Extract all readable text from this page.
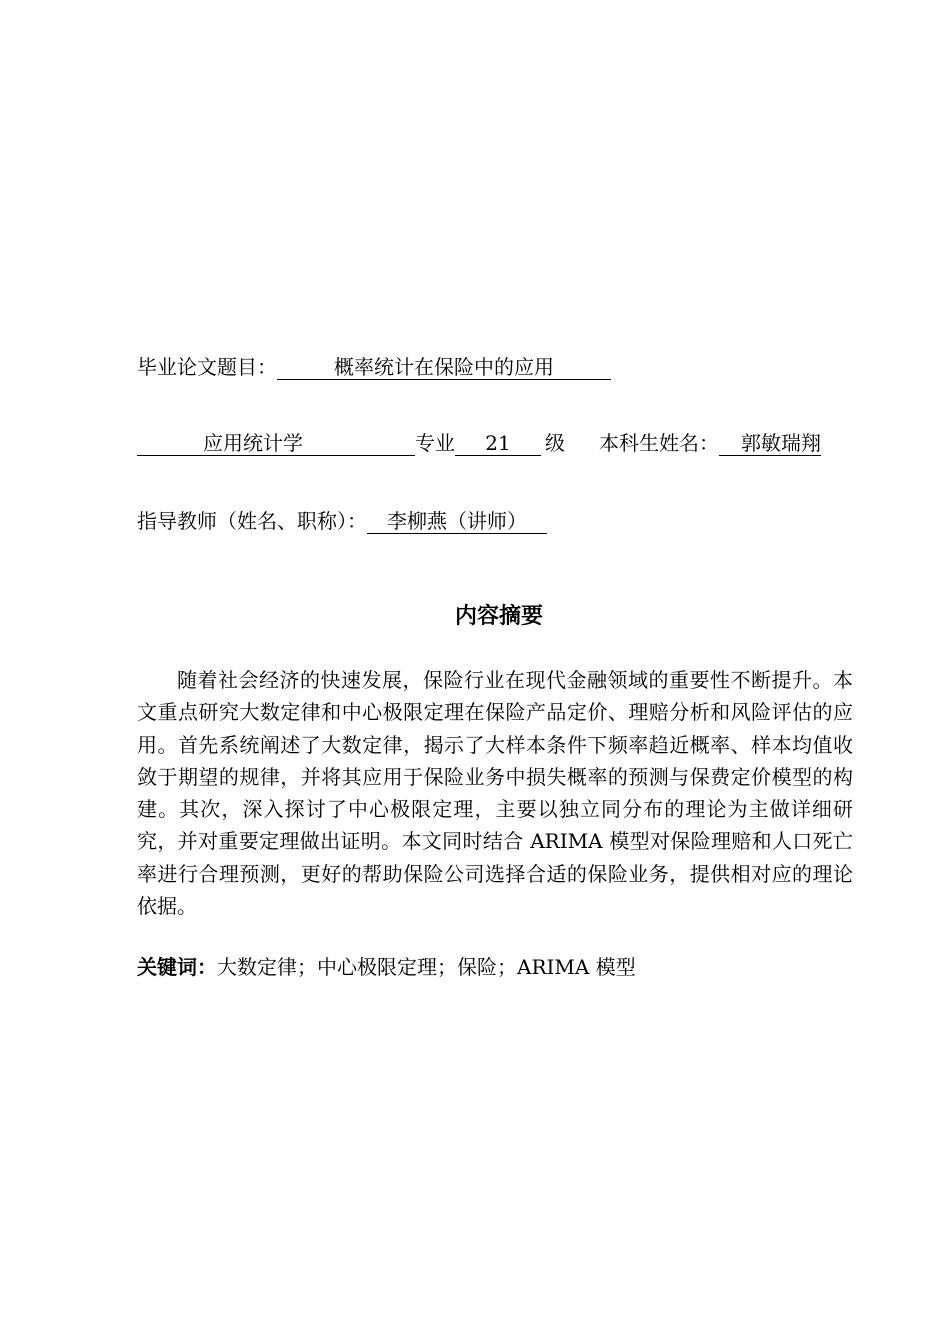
毕业论文题目：	概率统计在保险中的应用
应用统计学	专业 21 级 本科生姓名： 郭敏瑞翔
指导教师（姓名、职称）： 李柳燕（讲师）
内容摘要
随着社会经济的快速发展，保险行业在现代金融领域的重要性不断提升。本文重点研究大数定律和中心极限定理在保险产品定价、理赔分析和风险评估的应用。首先系统阐述了大数定律，揭示了大样本条件下频率趋近概率、样本均值收敛于期望的规律，并将其应用于保险业务中损失概率的预测与保费定价模型的构建。其次，深入探讨了中心极限定理，主要以独立同分布的理论为主做详细研究，并对重要定理做出证明。本文同时结合 ARIMA 模型对保险理赔和人口死亡率进行合理预测，更好的帮助保险公司选择合适的保险业务，提供相对应的理论依据。
关键词：大数定律；中心极限定理；保险；ARIMA 模型
